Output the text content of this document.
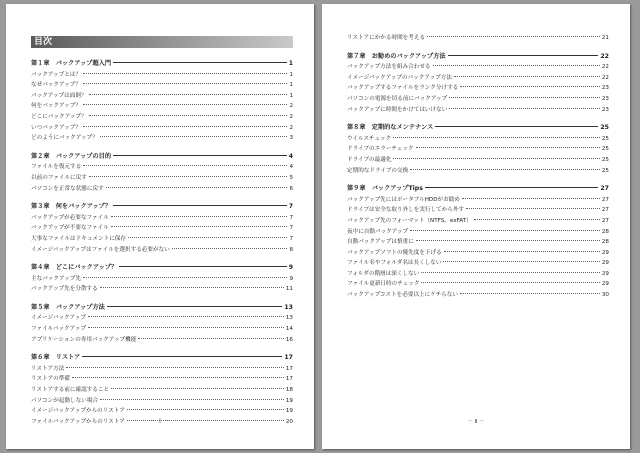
目次
第１章　バックアップ超入門	1
バックアップとは？	1
なぜバックアップ？	1
バックアップは面倒？	1
何をバックアップ？	2
どこにバックアップ？	2
いつバックアップ？	2
どのようにバックアップ？	3
第２章　バックアップの目的	4
ファイルを復元する	4
以前のファイルに戻す	5
パソコンを正常な状態に戻す	6
第３章　何をバックアップ？	7
バックアップが必要なファイル	7
バックアップが不要なファイル	7
大事なファイルはドキュメントに保存	7
イメージバックアップはファイルを選択する必要がない	8
第４章　どこにバックアップ？	9
主なバックアップ先	9
バックアップ先を分散する	11
第５章　バックアップ方法	13
イメージバックアップ	13
ファイルバックアップ	14
アプリケーションの専用バックアップ機能	16
第６章　リストア	17
リストア方法	17
リストアの準備	17
リストアする前に確認すること	18
パソコンが起動しない場合	19
イメージバックアップからのリストア	19
ファイルバックアップからのリストア	20
－ Ｉ －
リストアにかかる時間を考える	21
第７章　お勧めのバックアップ方法	22
バックアップ方法を組み合わせる	22
イメージバックアップのバックアップ方法	22
バックアップするファイルをランク分けする	23
パソコンの電源を切る前にバックアップ	23
バックアップに時間をかけてはいけない	23
第８章　定期的なメンテナンス	25
ウイルスチェック	25
ドライブのエラーチェック	25
ドライブの最適化	25
定期的なドライブの交換	25
第９章　バックアップTips	27
バックアップ先にはポータブルHDDがお勧め	27
ドライブは安全な取り外しを実行してから外す	27
バックアップ先のフォーマット（NTFS、exFAT）	27
夜中に自動バックアップ	28
自動バックアップは慎重に	28
バックアップソフトの優先度を下げる	29
ファイル名やフォルダ名は長くしない	29
フォルダの階層は深くしない	29
ファイル更新日時のチェック	29
バックアップコストを必要以上にケチらない	30
－ Ⅱ －
